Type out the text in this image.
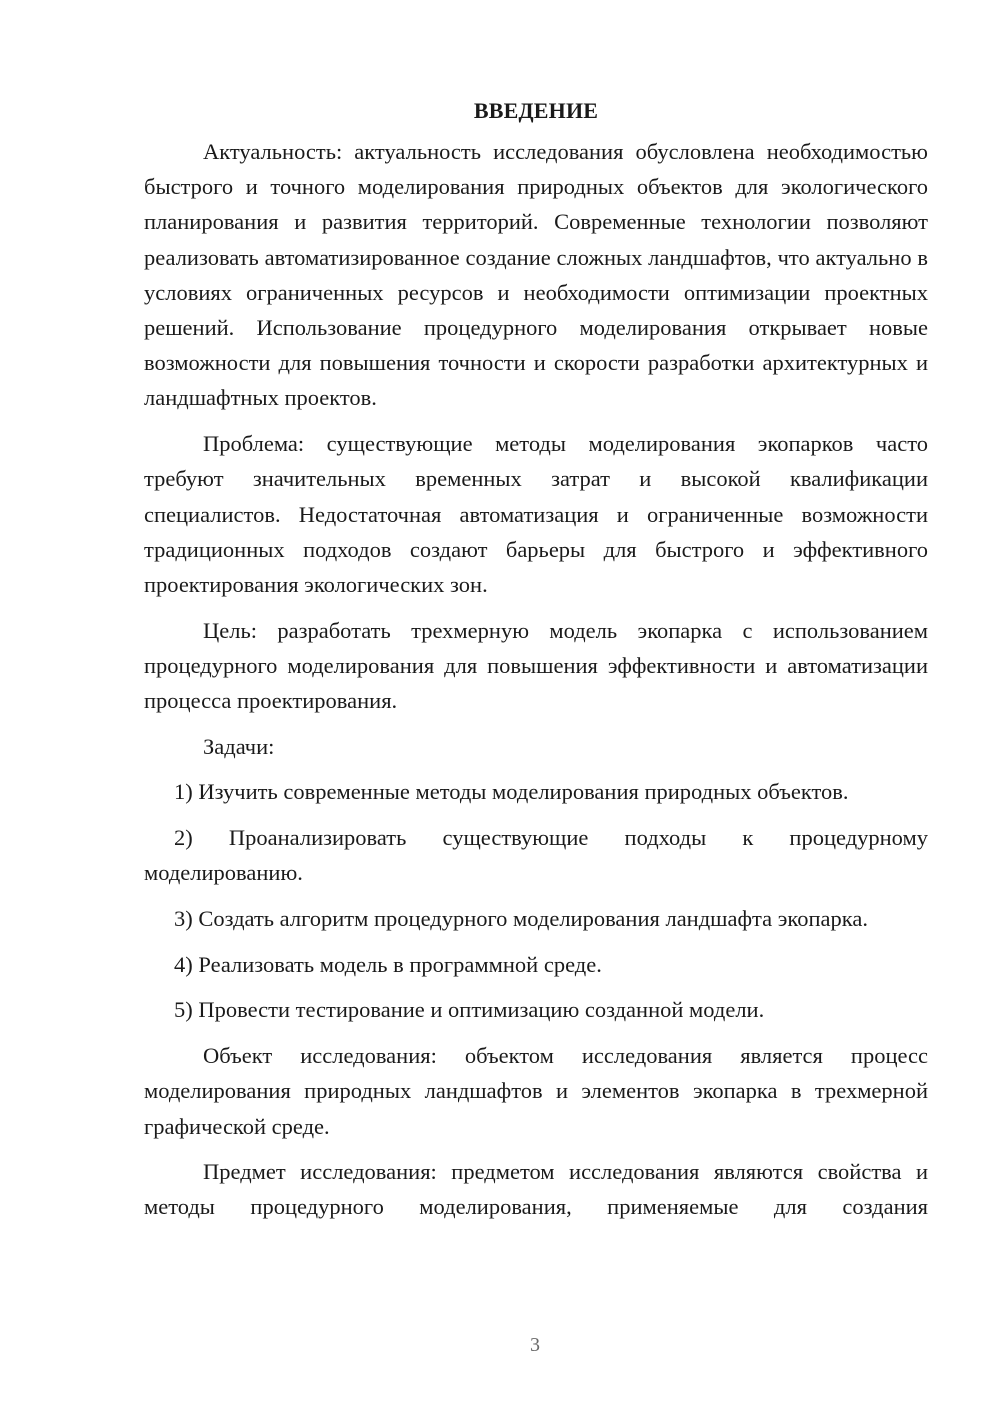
ВВЕДЕНИЕ

Актуальность: актуальность исследования обусловлена необходимостью быстрого и точного моделирования природных объектов для экологического планирования и развития территорий. Современные технологии позволяют реализовать автоматизированное создание сложных ландшафтов, что актуально в условиях ограниченных ресурсов и необходимости оптимизации проектных решений. Использование процедурного моделирования открывает новые возможности для повышения точности и скорости разработки архитектурных и ландшафтных проектов.

Проблема: существующие методы моделирования экопарков часто требуют значительных временных затрат и высокой квалификации специалистов. Недостаточная автоматизация и ограниченные возможности традиционных подходов создают барьеры для быстрого и эффективного проектирования экологических зон.

Цель: разработать трехмерную модель экопарка с использованием процедурного моделирования для повышения эффективности и автоматизации процесса проектирования.

Задачи:

1) Изучить современные методы моделирования природных объектов.

2) Проанализировать существующие подходы к процедурному моделированию.

3) Создать алгоритм процедурного моделирования ландшафта экопарка.

4) Реализовать модель в программной среде.

5) Провести тестирование и оптимизацию созданной модели.

Объект исследования: объектом исследования является процесс моделирования природных ландшафтов и элементов экопарка в трехмерной графической среде.

Предмет исследования: предметом исследования являются свойства и методы процедурного моделирования, применяемые для создания

3
